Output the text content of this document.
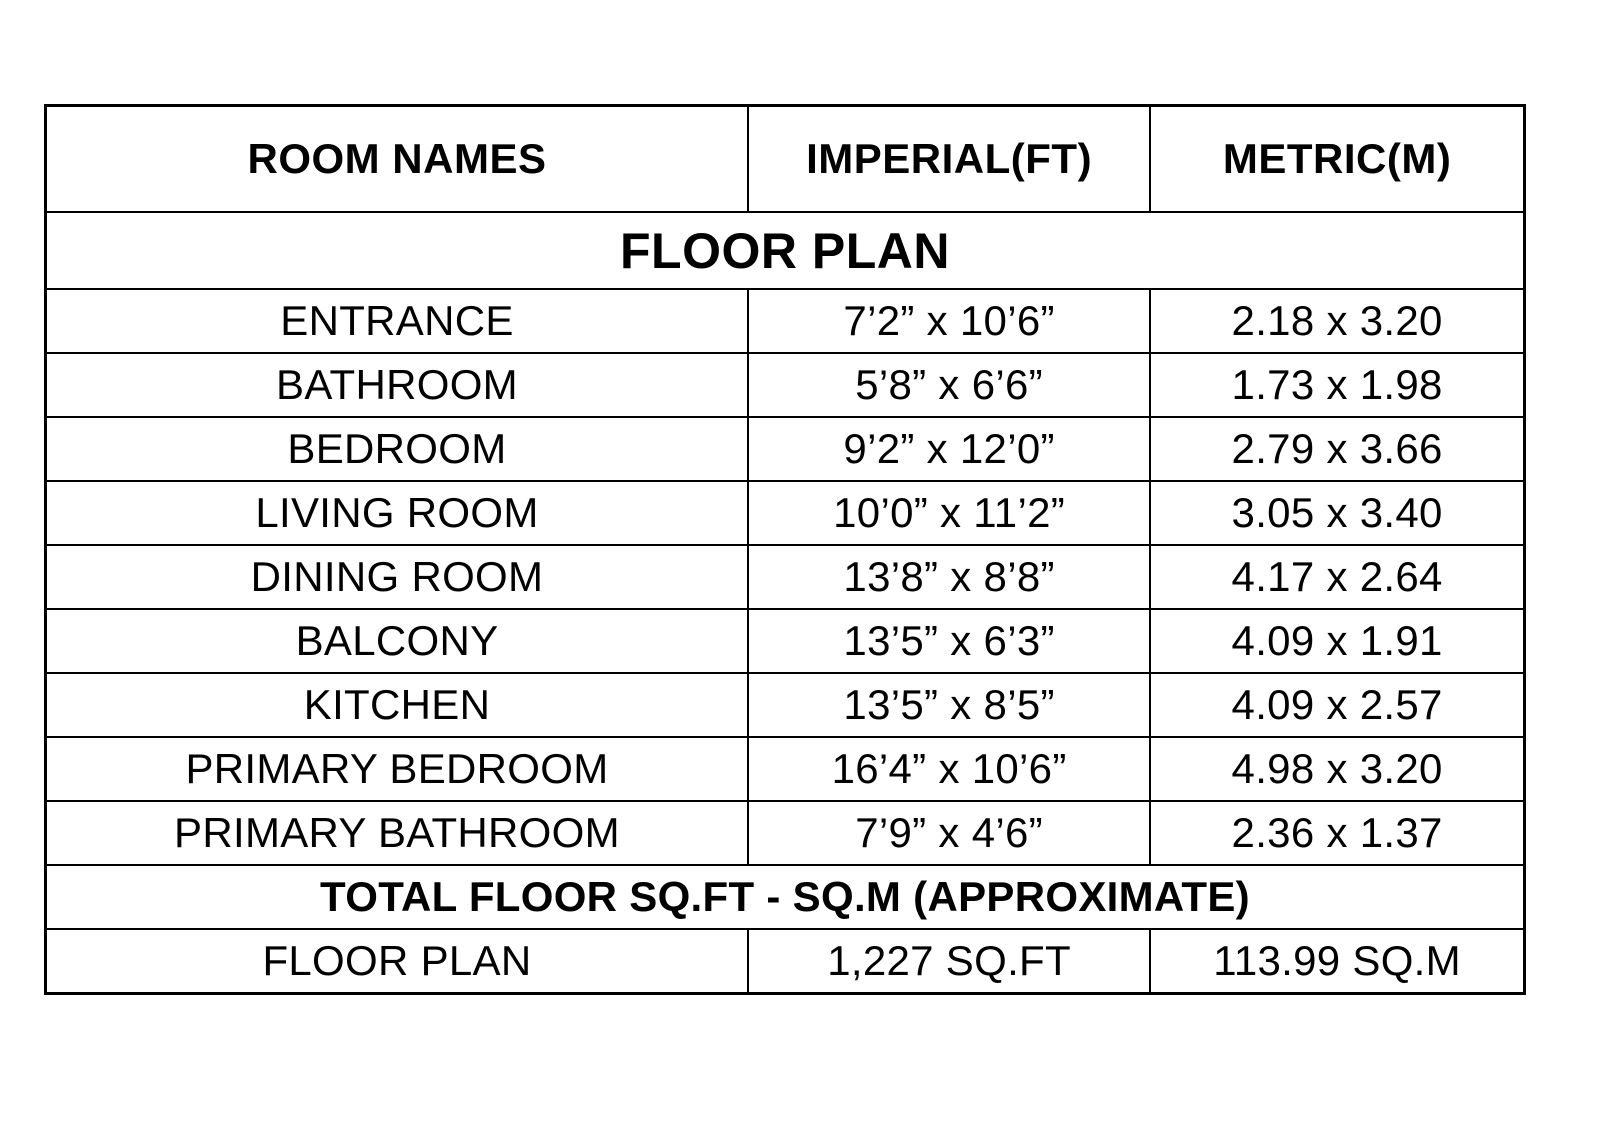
ROOM NAMES	IMPERIAL(FT)	METRIC(M)
FLOOR PLAN		
ENTRANCE	7’2” x 10’6”	2.18 x 3.20
BATHROOM	5’8” x 6’6”	1.73 x 1.98
BEDROOM	9’2” x 12’0”	2.79 x 3.66
LIVING ROOM	10’0” x 11’2”	3.05 x 3.40
DINING ROOM	13’8” x 8’8”	4.17 x 2.64
BALCONY	13’5” x 6’3”	4.09 x 1.91
KITCHEN	13’5” x 8’5”	4.09 x 2.57
PRIMARY BEDROOM	16’4” x 10’6”	4.98 x 3.20
PRIMARY BATHROOM	7’9” x 4’6”	2.36 x 1.37
TOTAL FLOOR SQ.FT - SQ.M (APPROXIMATE)		
FLOOR PLAN	1,227 SQ.FT	113.99 SQ.M
